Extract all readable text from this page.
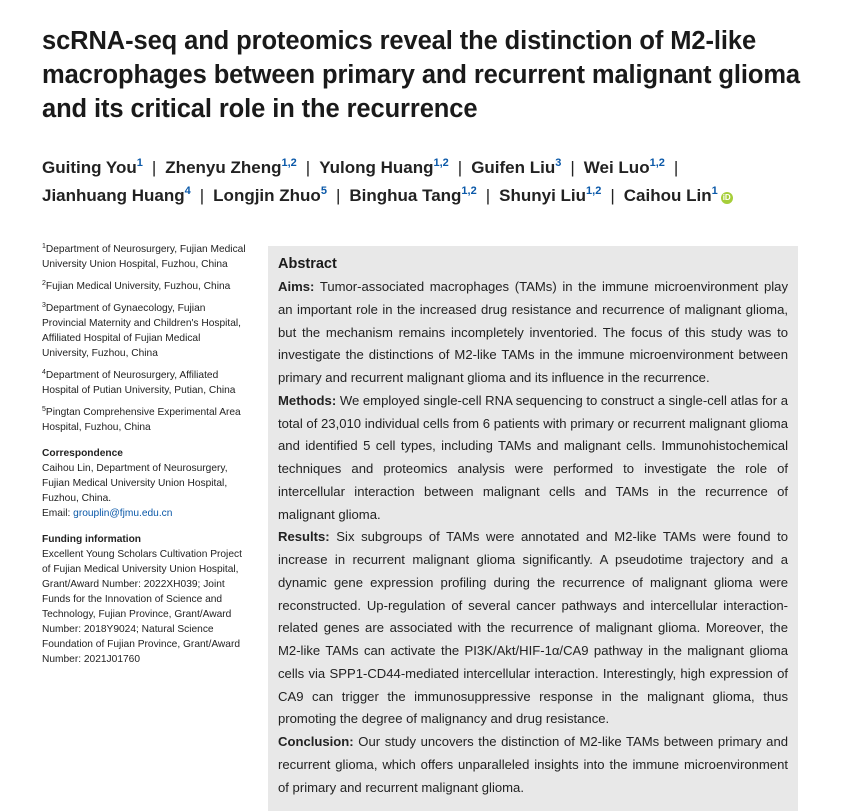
scRNA-seq and proteomics reveal the distinction of M2-like macrophages between primary and recurrent malignant glioma and its critical role in the recurrence
Guiting You$^1$ | Zhenyu Zheng$^{1,2}$ | Yulong Huang$^{1,2}$ | Guifen Liu$^3$ | Wei Luo$^{1,2}$ |
Jianhuang Huang$^4$ | Longjin Zhuo$^5$ | Binghua Tang$^{1,2}$ | Shunyi Liu$^{1,2}$ | Caihou Lin$^1$iD

$^1$Department of Neurosurgery, Fujian Medical University Union Hospital, Fuzhou, China

$^2$Fujian Medical University, Fuzhou, China

$^3$Department of Gynaecology, Fujian Provincial Maternity and Children's Hospital, Affiliated Hospital of Fujian Medical University, Fuzhou, China

$^4$Department of Neurosurgery, Affiliated Hospital of Putian University, Putian, China

$^5$Pingtan Comprehensive Experimental Area Hospital, Fuzhou, China

Correspondence

Caihou Lin, Department of Neurosurgery, Fujian Medical University Union Hospital, Fuzhou, China.
Email: grouplin@fjmu.edu.cn

Funding information

Excellent Young Scholars Cultivation Project of Fujian Medical University Union Hospital, Grant/Award Number: 2022XH039; Joint Funds for the Innovation of Science and Technology, Fujian Province, Grant/Award Number: 2018Y9024; Natural Science Foundation of Fujian Province, Grant/Award Number: 2021J01760

Abstract

Aims: Tumor-associated macrophages (TAMs) in the immune microenvironment play an important role in the increased drug resistance and recurrence of malignant glioma, but the mechanism remains incompletely inventoried. The focus of this study was to investigate the distinctions of M2-like TAMs in the immune microenvironment between primary and recurrent malignant glioma and its influence in the recurrence.

Methods: We employed single-cell RNA sequencing to construct a single-cell atlas for a total of 23,010 individual cells from 6 patients with primary or recurrent malignant glioma and identified 5 cell types, including TAMs and malignant cells. Immunohistochemical techniques and proteomics analysis were performed to investigate the role of intercellular interaction between malignant cells and TAMs in the recurrence of malignant glioma.

Results: Six subgroups of TAMs were annotated and M2-like TAMs were found to increase in recurrent malignant glioma significantly. A pseudotime trajectory and a dynamic gene expression profiling during the recurrence of malignant glioma were reconstructed. Up-regulation of several cancer pathways and intercellular interaction-related genes are associated with the recurrence of malignant glioma. Moreover, the M2-like TAMs can activate the PI3K/Akt/HIF-1α/CA9 pathway in the malignant glioma cells via SPP1-CD44-mediated intercellular interaction. Interestingly, high expression of CA9 can trigger the immunosuppressive response in the malignant glioma, thus promoting the degree of malignancy and drug resistance.

Conclusion: Our study uncovers the distinction of M2-like TAMs between primary and recurrent glioma, which offers unparalleled insights into the immune microenvironment of primary and recurrent malignant glioma.
